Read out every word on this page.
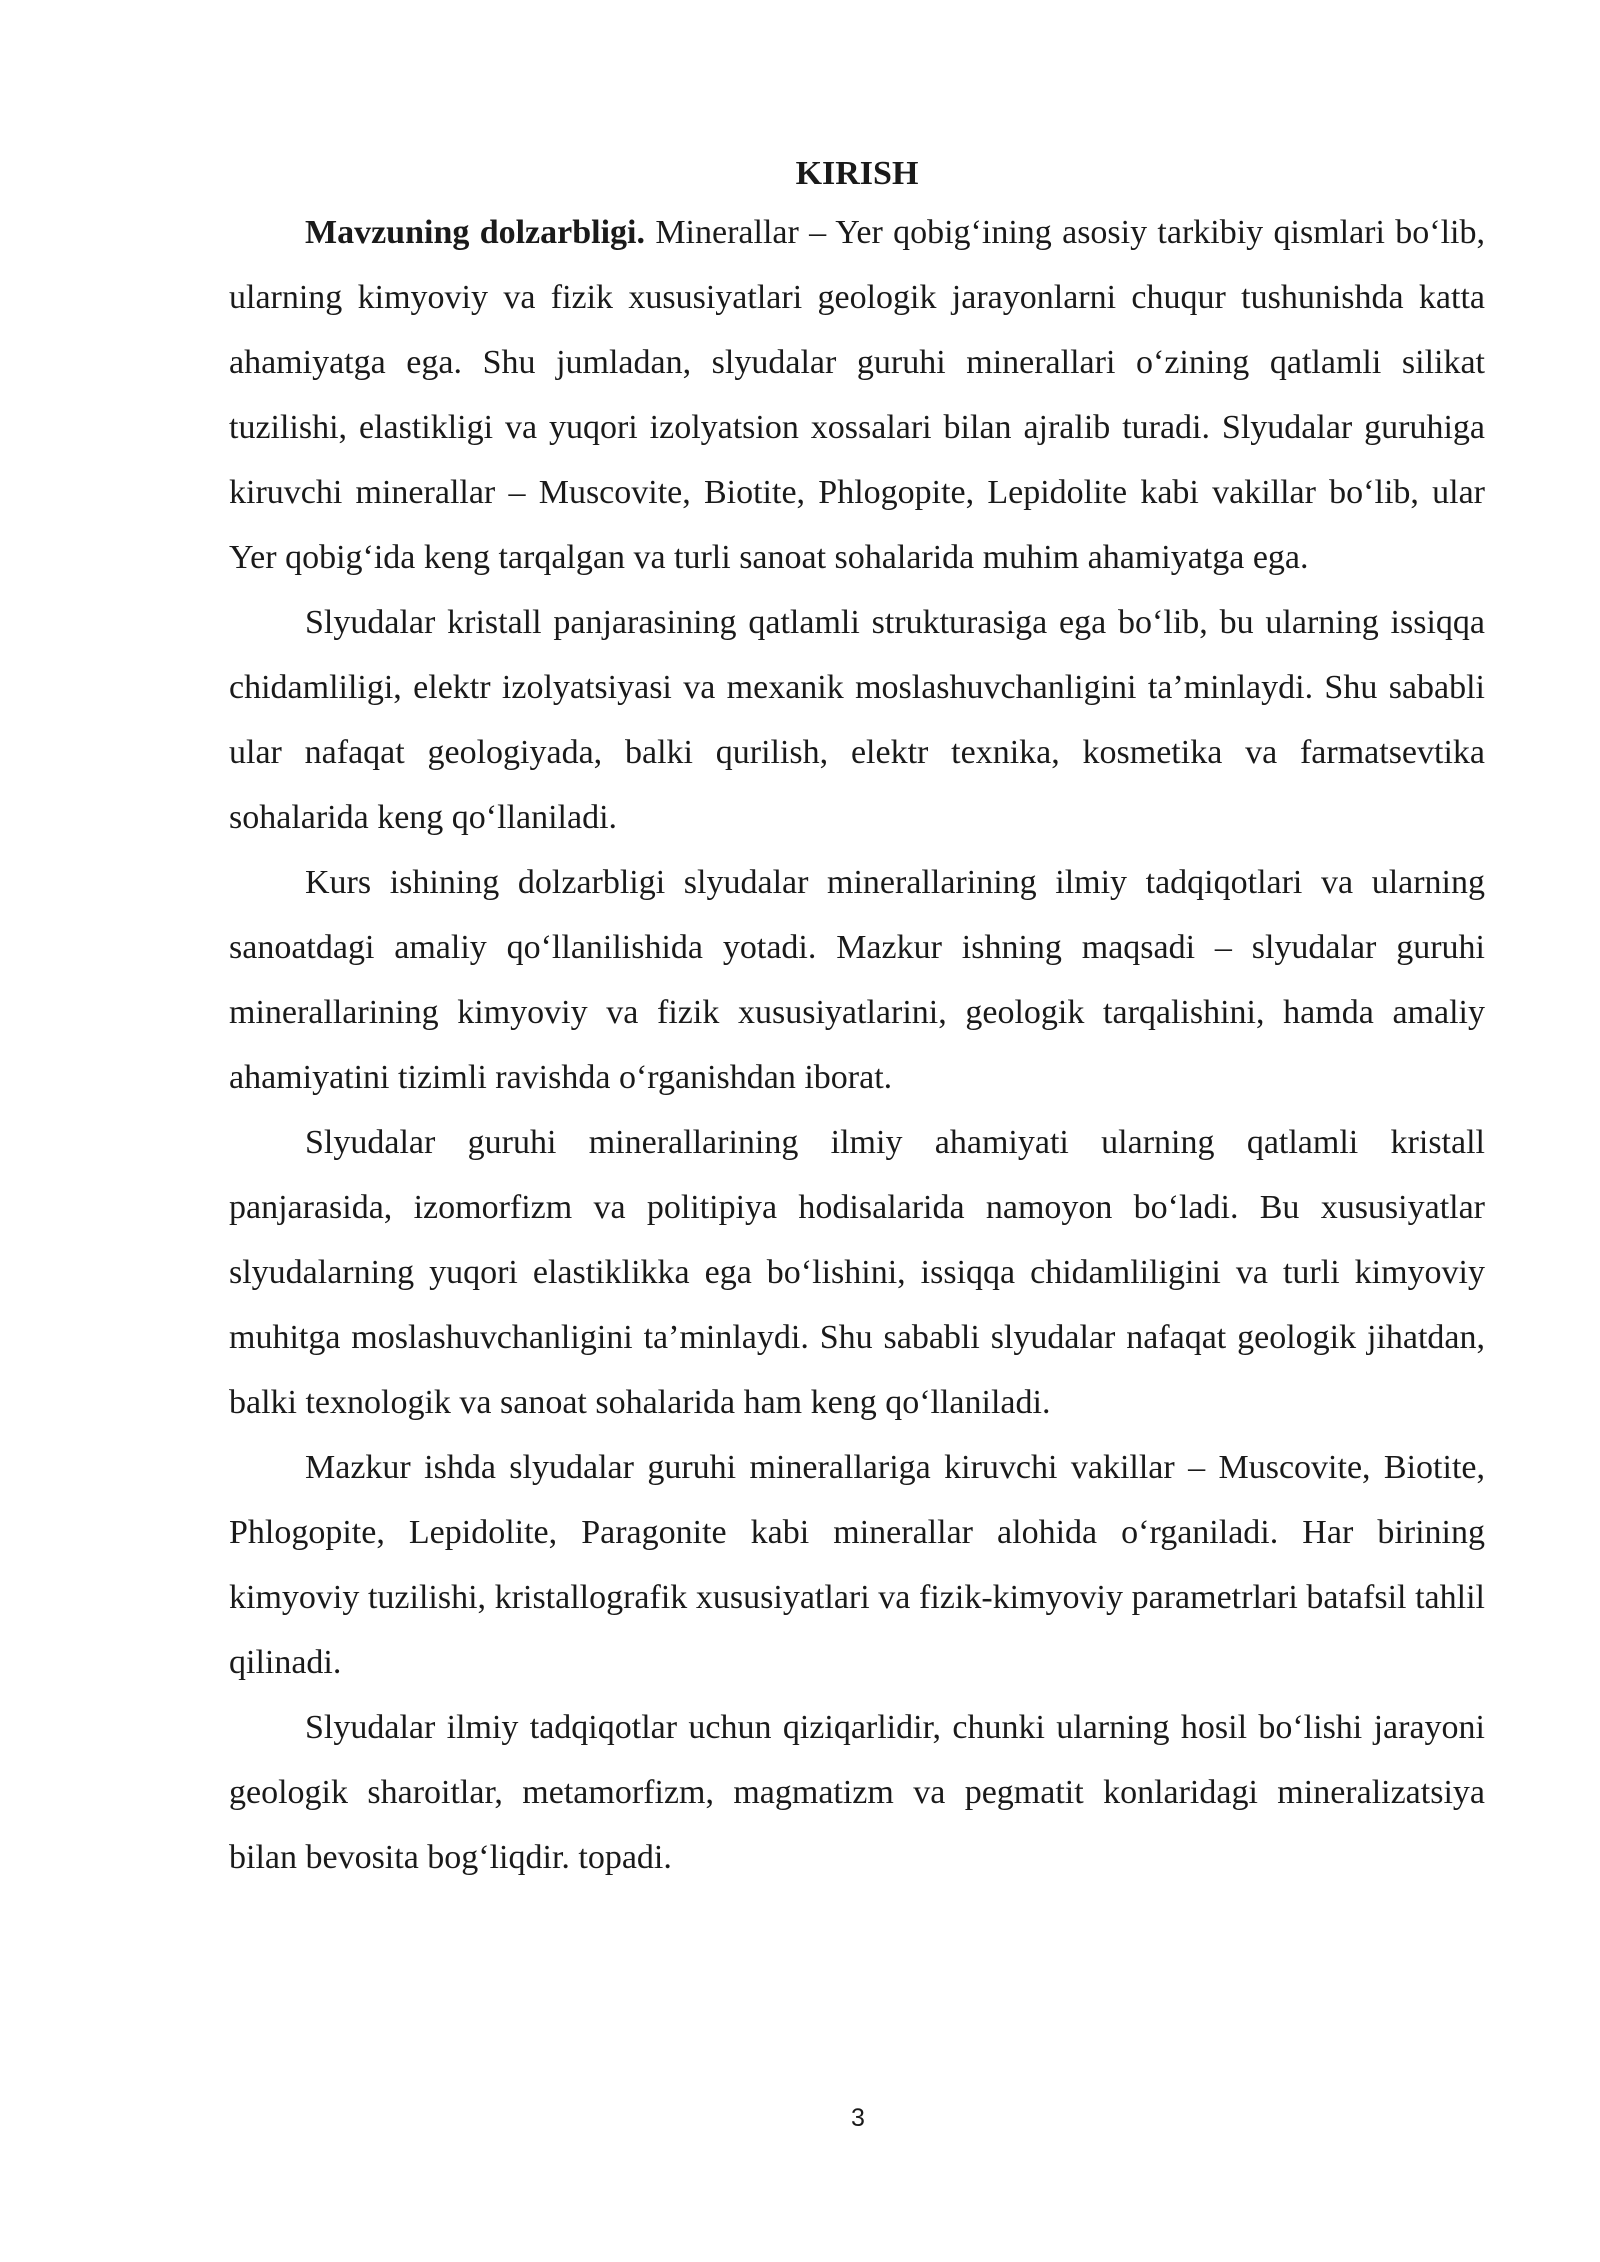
KIRISH

Mavzuning dolzarbligi. Minerallar – Yer qobig‘ining asosiy tarkibiy qismlari bo‘lib, ularning kimyoviy va fizik xususiyatlari geologik jarayonlarni chuqur tushunishda katta ahamiyatga ega. Shu jumladan, slyudalar guruhi minerallari o‘zining qatlamli silikat tuzilishi, elastikligi va yuqori izolyatsion xossalari bilan ajralib turadi. Slyudalar guruhiga kiruvchi minerallar – Muscovite, Biotite, Phlogopite, Lepidolite kabi vakillar bo‘lib, ular Yer qobig‘ida keng tarqalgan va turli sanoat sohalarida muhim ahamiyatga ega.

Slyudalar kristall panjarasining qatlamli strukturasiga ega bo‘lib, bu ularning issiqqa chidamliligi, elektr izolyatsiyasi va mexanik moslashuvchanligini ta’minlaydi. Shu sababli ular nafaqat geologiyada, balki qurilish, elektr texnika, kosmetika va farmatsevtika sohalarida keng qo‘llaniladi.

Kurs ishining dolzarbligi slyudalar minerallarining ilmiy tadqiqotlari va ularning sanoatdagi amaliy qo‘llanilishida yotadi. Mazkur ishning maqsadi – slyudalar guruhi minerallarining kimyoviy va fizik xususiyatlarini, geologik tarqalishini, hamda amaliy ahamiyatini tizimli ravishda o‘rganishdan iborat.

Slyudalar guruhi minerallarining ilmiy ahamiyati ularning qatlamli kristall panjarasida, izomorfizm va politipiya hodisalarida namoyon bo‘ladi. Bu xususiyatlar slyudalarning yuqori elastiklikka ega bo‘lishini, issiqqa chidamliligini va turli kimyoviy muhitga moslashuvchanligini ta’minlaydi. Shu sababli slyudalar nafaqat geologik jihatdan, balki texnologik va sanoat sohalarida ham keng qo‘llaniladi.

Mazkur ishda slyudalar guruhi minerallariga kiruvchi vakillar – Muscovite, Biotite, Phlogopite, Lepidolite, Paragonite kabi minerallar alohida o‘rganiladi. Har birining kimyoviy tuzilishi, kristallografik xususiyatlari va fizik-kimyoviy parametrlari batafsil tahlil qilinadi.

Slyudalar ilmiy tadqiqotlar uchun qiziqarlidir, chunki ularning hosil bo‘lishi jarayoni geologik sharoitlar, metamorfizm, magmatizm va pegmatit konlaridagi mineralizatsiya bilan bevosita bog‘liqdir. topadi.

3
